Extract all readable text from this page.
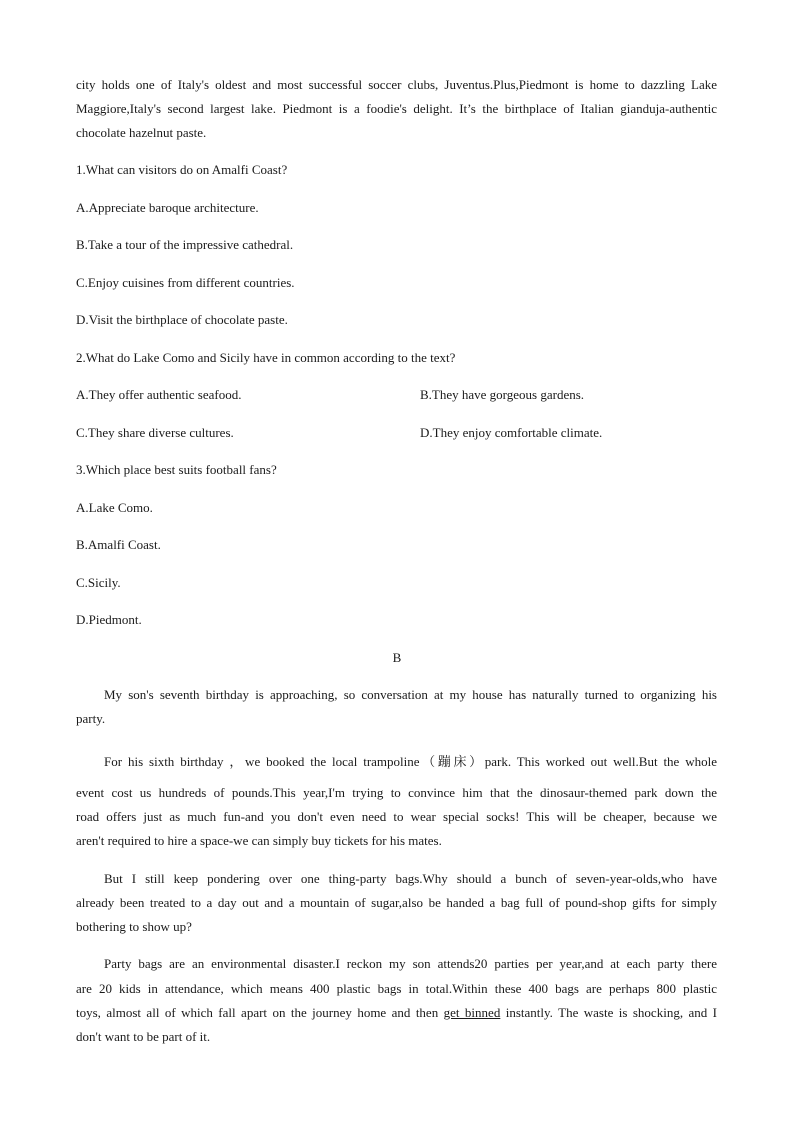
city holds one of Italy's oldest and most successful soccer clubs, Juventus.Plus,Piedmont is home to dazzling Lake
Maggiore,Italy's second largest lake. Piedmont is a foodie's delight. It’s the birthplace of Italian gianduja-authentic
chocolate hazelnut paste.
1.What can visitors do on Amalfi Coast?
A.Appreciate baroque architecture.
B.Take a tour of the impressive cathedral.
C.Enjoy cuisines from different countries.
D.Visit the birthplace of chocolate paste.
2.What do Lake Como and Sicily have in common according to the text?
A.They offer authentic seafood.	B.They have gorgeous gardens.
C.They share diverse cultures.	D.They enjoy comfortable climate.
3.Which place best suits football fans?
A.Lake Como.
B.Amalfi Coast.
C.Sicily.
D.Piedmont.
B
My son's seventh birthday is approaching, so conversation at my house has naturally turned to organizing his
party.
For his sixth birthday ，we booked the local trampoline（蹦床）park. This worked out well.But the whole
event cost us hundreds of pounds.This year,I'm trying to convince him that the dinosaur-themed park down the
road offers just as much fun-and you don't even need to wear special socks! This will be cheaper, because we
aren't required to hire a space-we can simply buy tickets for his mates.
But I still keep pondering over one thing-party bags.Why should a bunch of seven-year-olds,who have
already been treated to a day out and a mountain of sugar,also be handed a bag full of pound-shop gifts for simply
bothering to show up?
Party bags are an environmental disaster.I reckon my son attends20 parties per year,and at each party there
are 20 kids in attendance, which means 400 plastic bags in total.Within these 400 bags are perhaps 800 plastic
toys, almost all of which fall apart on the journey home and then get binned instantly. The waste is shocking, and I
don't want to be part of it.
